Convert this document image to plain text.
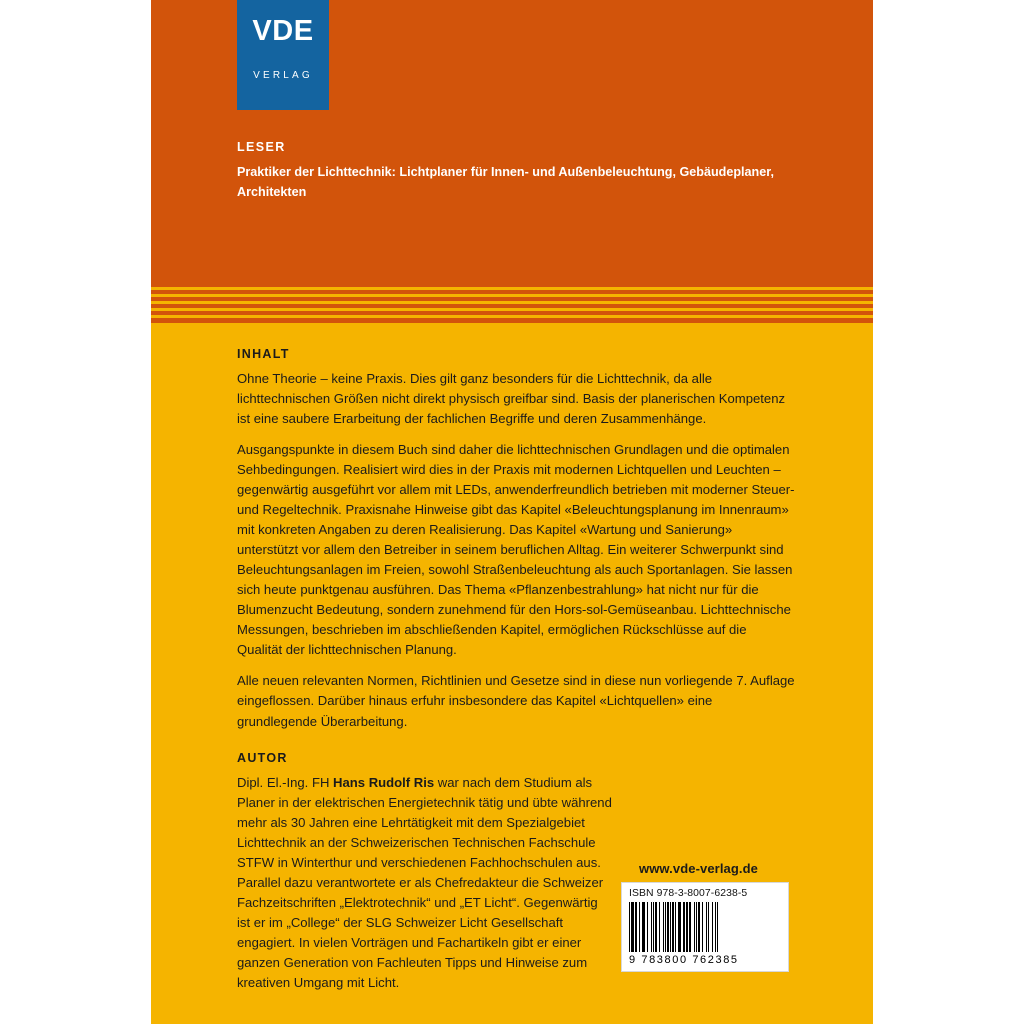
VDE
VERLAG
LESER
Praktiker der Lichttechnik: Lichtplaner für Innen- und Außenbeleuchtung, Gebäudeplaner, Architekten
INHALT

Ohne Theorie – keine Praxis. Dies gilt ganz besonders für die Lichttechnik, da alle lichttechnischen Größen nicht direkt physisch greifbar sind. Basis der planerischen Kompetenz ist eine saubere Erarbeitung der fachlichen Begriffe und deren Zusammenhänge.

Ausgangspunkte in diesem Buch sind daher die lichttechnischen Grundlagen und die optimalen Sehbedingungen. Realisiert wird dies in der Praxis mit modernen Lichtquellen und Leuchten – gegenwärtig ausgeführt vor allem mit LEDs, anwenderfreundlich betrieben mit moderner Steuer- und Regeltechnik. Praxisnahe Hinweise gibt das Kapitel «Beleuchtungsplanung im Innenraum» mit konkreten Angaben zu deren Realisierung. Das Kapitel «Wartung und Sanierung» unterstützt vor allem den Betreiber in seinem beruflichen Alltag. Ein weiterer Schwerpunkt sind Beleuchtungsanlagen im Freien, sowohl Straßenbeleuchtung als auch Sportanlagen. Sie lassen sich heute punktgenau ausführen. Das Thema «Pflanzenbestrahlung» hat nicht nur für die Blumenzucht Bedeutung, sondern zunehmend für den Hors-sol-Gemüseanbau. Lichttechnische Messungen, beschrieben im abschließenden Kapitel, ermöglichen Rückschlüsse auf die Qualität der lichttechnischen Planung.

Alle neuen relevanten Normen, Richtlinien und Gesetze sind in diese nun vorliegende 7. Auflage eingeflossen. Darüber hinaus erfuhr insbesondere das Kapitel «Lichtquellen» eine grundlegende Überarbeitung.

AUTOR

Dipl. El.-Ing. FH Hans Rudolf Ris war nach dem Studium als Planer in der elektrischen Energietechnik tätig und übte während mehr als 30 Jahren eine Lehrtätigkeit mit dem Spezialgebiet Lichttechnik an der Schweizerischen Technischen Fachschule STFW in Winterthur und verschiedenen Fachhochschulen aus. Parallel dazu verantwortete er als Chefredakteur die Schweizer Fachzeitschriften „Elektrotechnik“ und „ET Licht“. Gegenwärtig ist er im „College“ der SLG Schweizer Licht Gesellschaft engagiert. In vielen Vorträgen und Fachartikeln gibt er einer ganzen Generation von Fachleuten Tipps und Hinweise zum kreativen Umgang mit Licht.

www.vde-verlag.de
ISBN 978-3-8007-6238-5
9 783800 762385
